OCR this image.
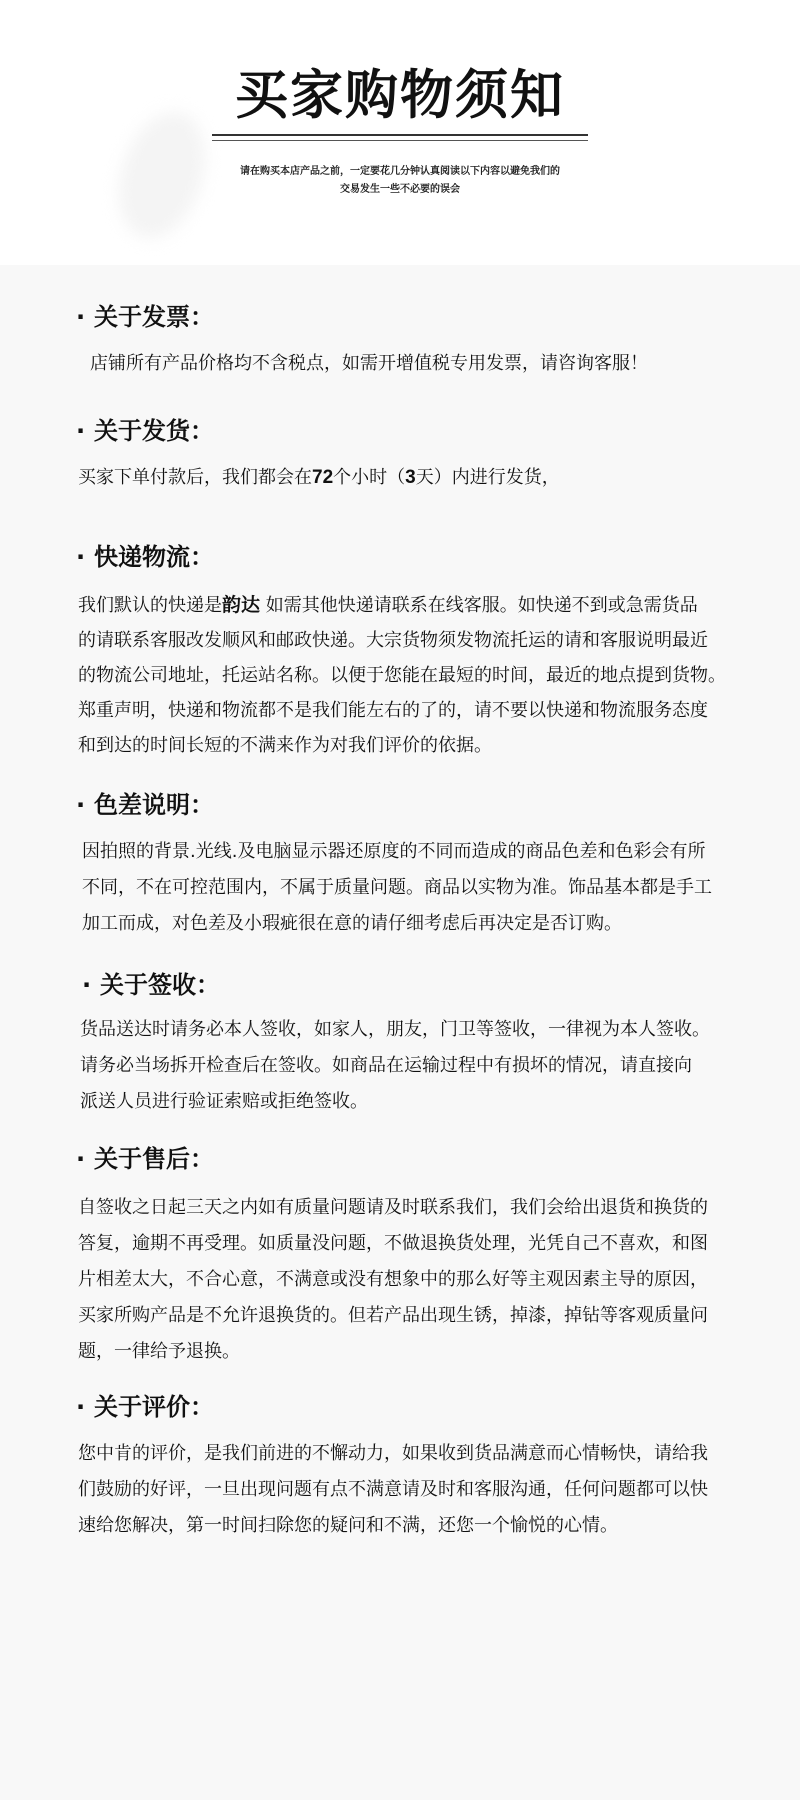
买家购物须知
请在购买本店产品之前，一定要花几分钟认真阅读以下内容以避免我们的
交易发生一些不必要的误会
· 关于发票：
店铺所有产品价格均不含税点，如需开增值税专用发票，请咨询客服！
· 关于发货：
买家下单付款后，我们都会在72个小时（3天）内进行发货，
· 快递物流：
我们默认的快递是韵达 如需其他快递请联系在线客服。如快递不到或急需货品
的请联系客服改发顺风和邮政快递。大宗货物须发物流托运的请和客服说明最近
的物流公司地址，托运站名称。以便于您能在最短的时间，最近的地点提到货物。
郑重声明，快递和物流都不是我们能左右的了的，请不要以快递和物流服务态度
和到达的时间长短的不满来作为对我们评价的依据。
· 色差说明：
因拍照的背景.光线.及电脑显示器还原度的不同而造成的商品色差和色彩会有所
不同，不在可控范围内，不属于质量问题。商品以实物为准。饰品基本都是手工
加工而成，对色差及小瑕疵很在意的请仔细考虑后再决定是否订购。
· 关于签收：
货品送达时请务必本人签收，如家人，朋友，门卫等签收，一律视为本人签收。
请务必当场拆开检查后在签收。如商品在运输过程中有损坏的情况，请直接向
派送人员进行验证索赔或拒绝签收。
· 关于售后：
自签收之日起三天之内如有质量问题请及时联系我们，我们会给出退货和换货的
答复，逾期不再受理。如质量没问题，不做退换货处理，光凭自己不喜欢，和图
片相差太大，不合心意，不满意或没有想象中的那么好等主观因素主导的原因，
买家所购产品是不允许退换货的。但若产品出现生锈，掉漆，掉钻等客观质量问
题，一律给予退换。
· 关于评价：
您中肯的评价，是我们前进的不懈动力，如果收到货品满意而心情畅快，请给我
们鼓励的好评，一旦出现问题有点不满意请及时和客服沟通，任何问题都可以快
速给您解决，第一时间扫除您的疑问和不满，还您一个愉悦的心情。
